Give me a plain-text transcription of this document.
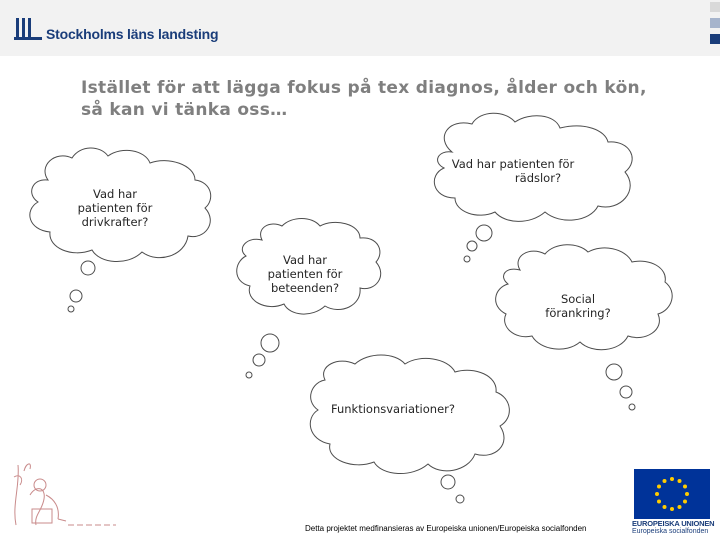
Stockholms läns landsting
Istället för att lägga fokus på tex diagnos, ålder och kön,
så kan vi tänka oss…
Vad har patienten för
rädslor?
Vad har
patienten för
drivkrafter?
Vad har
patienten för
beteenden?
Social
förankring?
Funktionsvariationer?
Detta projektet medfinansieras av Europeiska unionen/Europeiska socialfonden
EUROPEISKA UNIONEN
Europeiska socialfonden
